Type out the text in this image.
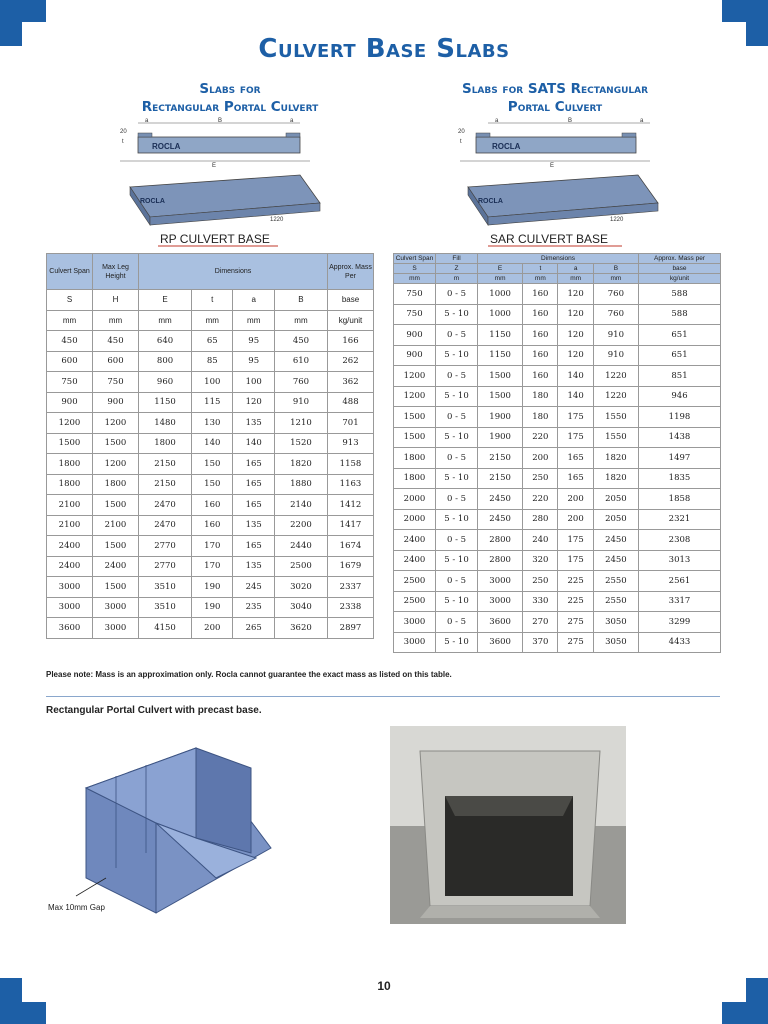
Culvert Base Slabs
Slabs for
Rectangular Portal Culvert
Slabs for SATS Rectangular
Portal Culvert
a	B	a
20
t	ROCLA
E
ROCLA
1220
RP CULVERT BASE
a	B	a
20
t	ROCLA
E
ROCLA
1220
SAR CULVERT BASE
Culvert Span	Max Leg Height	Dimensions				Approx. Mass Per
S	H	E	t	a	B	base
mm	mm	mm	mm	mm	mm	kg/unit
450	450	640	65	95	450	166
600	600	800	85	95	610	262
750	750	960	100	100	760	362
900	900	1150	115	120	910	488
1200	1200	1480	130	135	1210	701
1500	1500	1800	140	140	1520	913
1800	1200	2150	150	165	1820	1158
1800	1800	2150	150	165	1880	1163
2100	1500	2470	160	165	2140	1412
2100	2100	2470	160	135	2200	1417
2400	1500	2770	170	165	2440	1674
2400	2400	2770	170	135	2500	1679
3000	1500	3510	190	245	3020	2337
3000	3000	3510	190	235	3040	2338
3600	3000	4150	200	265	3620	2897
Culvert Span	Fill	Dimensions				Approx. Mass per
S	Z	E	t	a	B	base
mm	m	mm	mm	mm	mm	kg/unit
750	0 - 5	1000	160	120	760	588
750	5 - 10	1000	160	120	760	588
900	0 - 5	1150	160	120	910	651
900	5 - 10	1150	160	120	910	651
1200	0 - 5	1500	160	140	1220	851
1200	5 - 10	1500	180	140	1220	946
1500	0 - 5	1900	180	175	1550	1198
1500	5 - 10	1900	220	175	1550	1438
1800	0 - 5	2150	200	165	1820	1497
1800	5 - 10	2150	250	165	1820	1835
2000	0 - 5	2450	220	200	2050	1858
2000	5 - 10	2450	280	200	2050	2321
2400	0 - 5	2800	240	175	2450	2308
2400	5 - 10	2800	320	175	2450	3013
2500	0 - 5	3000	250	225	2550	2561
2500	5 - 10	3000	330	225	2550	3317
3000	0 - 5	3600	270	275	3050	3299
3000	5 - 10	3600	370	275	3050	4433
Please note: Mass is an approximation only. Rocla cannot guarantee the exact mass as listed on this table.
Rectangular Portal Culvert with precast base.
Max 10mm Gap
10
